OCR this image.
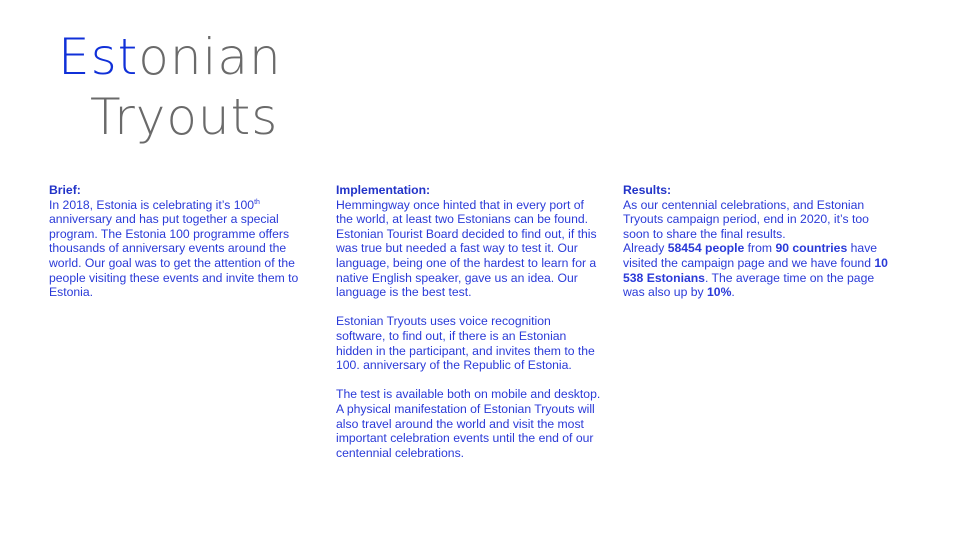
Estonian
Tryouts
Brief:

In 2018, Estonia is celebrating it’s 100th anniversary and has put together a special program. The Estonia 100 programme offers thousands of anniversary events around the world. Our goal was to get the attention of the people visiting these events and invite them to Estonia.

Implementation:

Hemmingway once hinted that in every port of the world, at least two Estonians can be found. Estonian Tourist Board decided to find out, if this was true but needed a fast way to test it. Our language, being one of the hardest to learn for a native English speaker, gave us an idea. Our language is the best test.

Estonian Tryouts uses voice recognition software, to find out, if there is an Estonian hidden in the participant, and invites them to the 100. anniversary of the Republic of Estonia.

The test is available both on mobile and desktop. A physical manifestation of Estonian Tryouts will also travel around the world and visit the most important celebration events until the end of our centennial celebrations.

Results:
As our centennial celebrations, and Estonian Tryouts campaign period, end in 2020, it’s too soon to share the final results.
Already 58454 people from 90 countries have visited the campaign page and we have found 10 538 Estonians. The average time on the page was also up by 10%.
